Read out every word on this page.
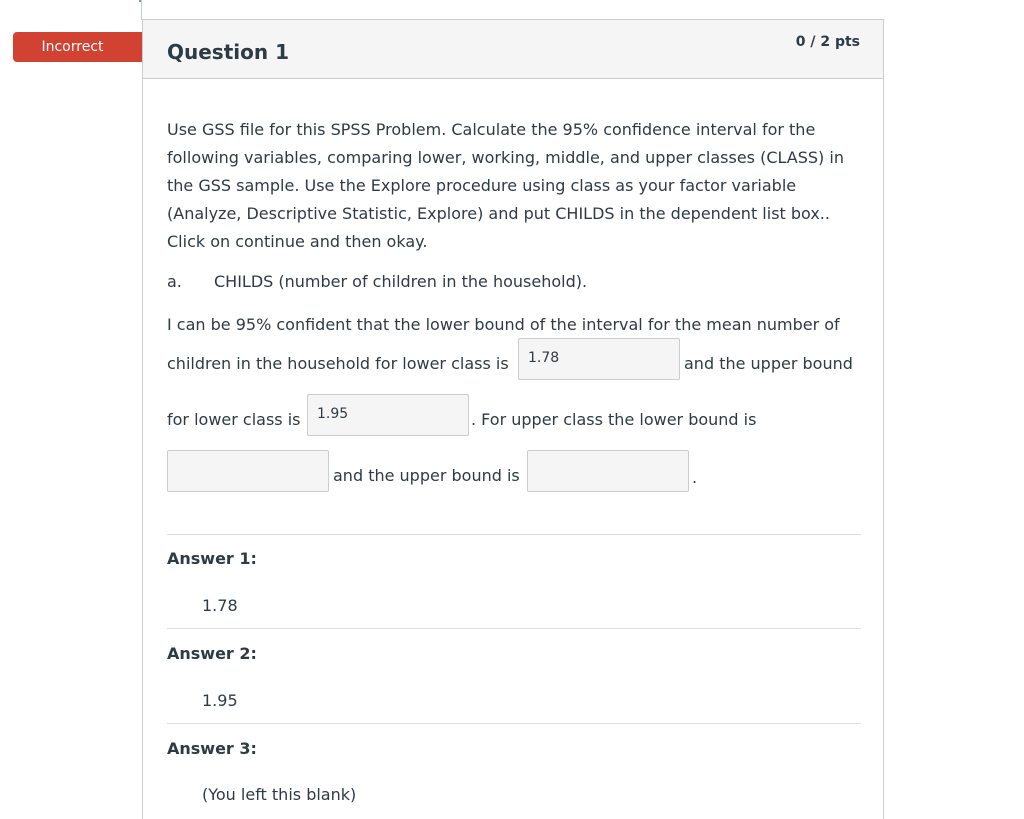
Incorrect	Question 1	0 / 2 pts

Use GSS file for this SPSS Problem. Calculate the 95% confidence interval for the following variables, comparing lower, working, middle, and upper classes (CLASS) in the GSS sample. Use the Explore procedure using class as your factor variable (Analyze, Descriptive Statistic, Explore) and put CHILDS in the dependent list box.. Click on continue and then okay.

a. CHILDS (number of children in the household).
I can be 95% confident that the lower bound of the interval for the mean number of
children in the household for lower class is	1.78	and the upper bound
for lower class is	1.95	. For upper class the lower bound is
and the upper bound is	.
Answer 1:
1.78
Answer 2:
1.95
Answer 3:
(You left this blank)
